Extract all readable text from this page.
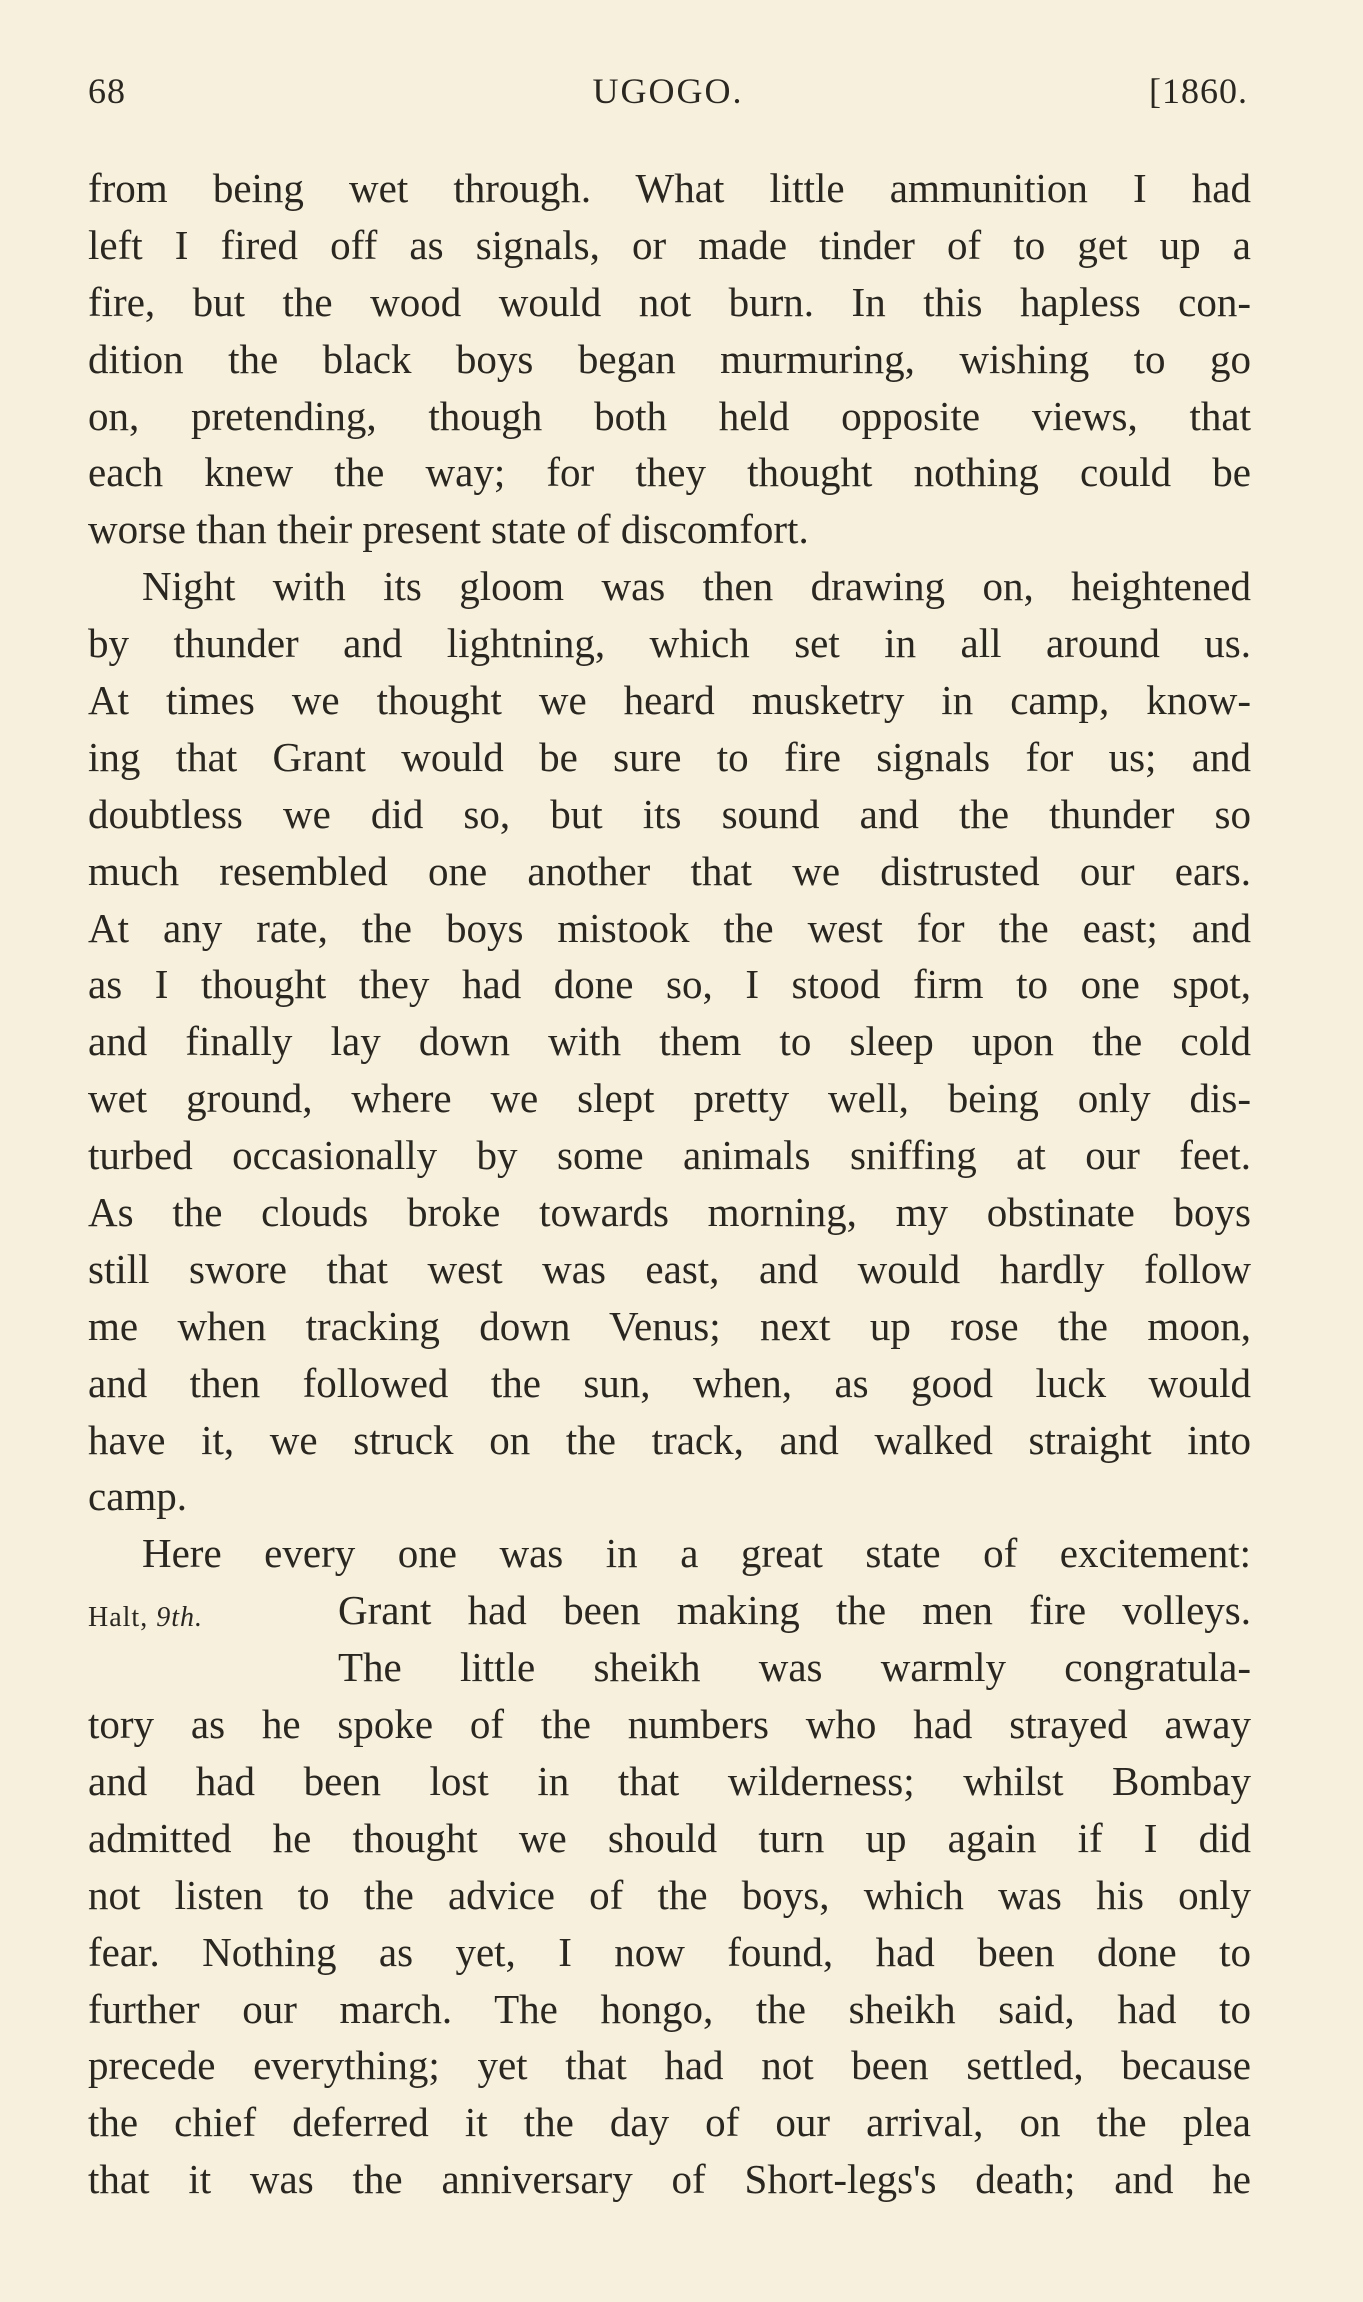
68	UGOGO.	[1860.
from being wet through. What little ammunition I had
left I fired off as signals, or made tinder of to get up a
fire, but the wood would not burn. In this hapless con-
dition the black boys began murmuring, wishing to go
on, pretending, though both held opposite views, that
each knew the way; for they thought nothing could be
worse than their present state of discomfort.
Night with its gloom was then drawing on, heightened
by thunder and lightning, which set in all around us.
At times we thought we heard musketry in camp, know-
ing that Grant would be sure to fire signals for us; and
doubtless we did so, but its sound and the thunder so
much resembled one another that we distrusted our ears.
At any rate, the boys mistook the west for the east; and
as I thought they had done so, I stood firm to one spot,
and finally lay down with them to sleep upon the cold
wet ground, where we slept pretty well, being only dis-
turbed occasionally by some animals sniffing at our feet.
As the clouds broke towards morning, my obstinate boys
still swore that west was east, and would hardly follow
me when tracking down Venus; next up rose the moon,
and then followed the sun, when, as good luck would
have it, we struck on the track, and walked straight into
camp.
Here every one was in a great state of excitement:
Grant had been making the men fire volleys.
The little sheikh was warmly congratula-
tory as he spoke of the numbers who had strayed away
and had been lost in that wilderness; whilst Bombay
admitted he thought we should turn up again if I did
not listen to the advice of the boys, which was his only
fear. Nothing as yet, I now found, had been done to
further our march. The hongo, the sheikh said, had to
precede everything; yet that had not been settled, because
the chief deferred it the day of our arrival, on the plea
that it was the anniversary of Short-legs's death; and he
Halt, 9th.
